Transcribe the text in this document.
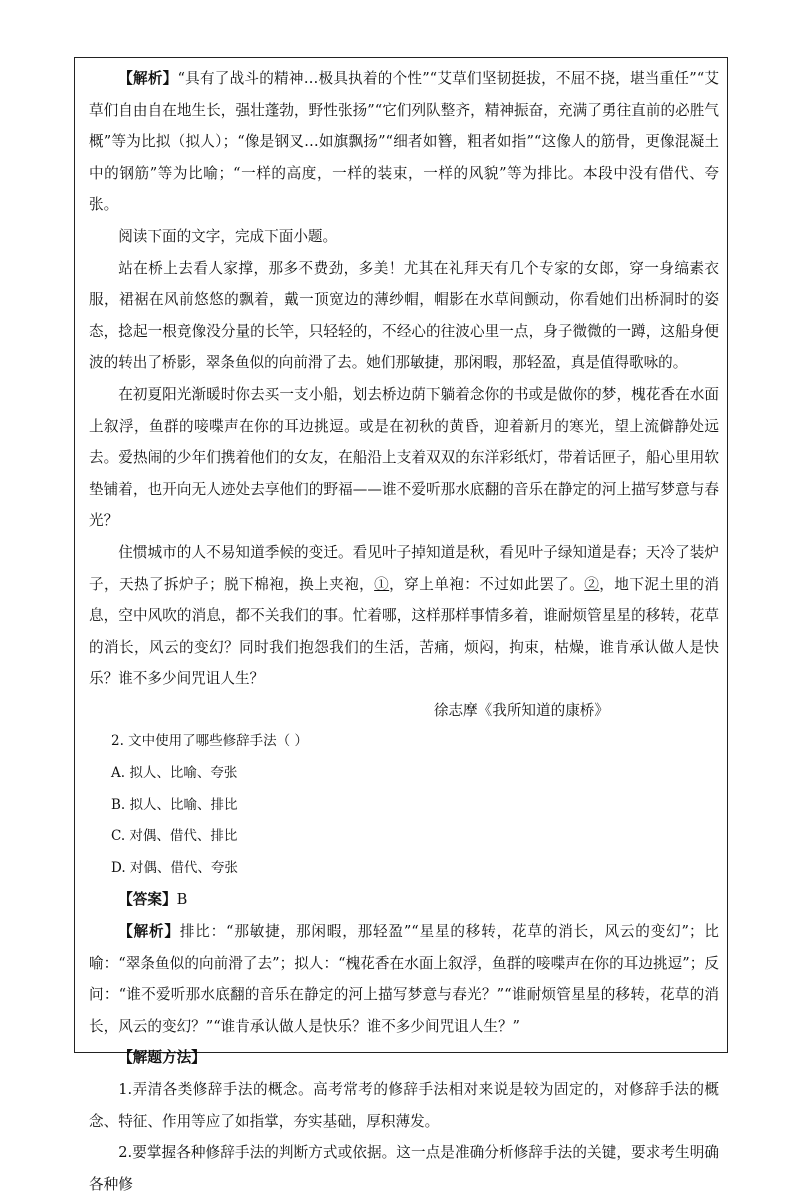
【解析】“具有了战斗的精神…极具执着的个性”“艾草们坚韧挺拔，不屈不挠，堪当重任”“艾草们自由自在地生长，强壮蓬勃，野性张扬”“它们列队整齐，精神振奋，充满了勇往直前的必胜气概”等为比拟（拟人）；“像是钢叉…如旗飘扬”“细者如簪，粗者如指”“这像人的筋骨，更像混凝土中的钢筋”等为比喻；“一样的高度，一样的装束，一样的风貌”等为排比。本段中没有借代、夸张。

阅读下面的文字，完成下面小题。

站在桥上去看人家撑，那多不费劲，多美！尤其在礼拜天有几个专家的女郎，穿一身缟素衣服，裙裾在风前悠悠的飘着，戴一顶宽边的薄纱帽，帽影在水草间颤动，你看她们出桥洞时的姿态，捻起一根竟像没分量的长竿，只轻轻的，不经心的往波心里一点，身子微微的一蹲，这船身便波的转出了桥影，翠条鱼似的向前滑了去。她们那敏捷，那闲暇，那轻盈，真是值得歌咏的。

在初夏阳光渐暖时你去买一支小船，划去桥边荫下躺着念你的书或是做你的梦，槐花香在水面上叙浮，鱼群的唼喋声在你的耳边挑逗。或是在初秋的黄昏，迎着新月的寒光，望上流僻静处远去。爱热闹的少年们携着他们的女友，在船沿上支着双双的东洋彩纸灯，带着话匣子，船心里用软垫铺着，也开向无人迹处去享他们的野福——谁不爱听那水底翻的音乐在静定的河上描写梦意与春光？

住惯城市的人不易知道季候的变迁。看见叶子掉知道是秋，看见叶子绿知道是春；天冷了装炉子，天热了拆炉子；脱下棉袍，换上夹袍，①，穿上单袍：不过如此罢了。②，地下泥土里的消息，空中风吹的消息，都不关我们的事。忙着哪，这样那样事情多着，谁耐烦管星星的移转，花草的消长，风云的变幻？同时我们抱怨我们的生活，苦痛，烦闷，拘束，枯燥，谁肯承认做人是快乐？谁不多少间咒诅人生？

徐志摩《我所知道的康桥》

2. 文中使用了哪些修辞手法（ ）

A. 拟人、比喻、夸张

B. 拟人、比喻、排比

C. 对偶、借代、排比

D. 对偶、借代、夸张

【答案】B

【解析】排比：“那敏捷，那闲暇，那轻盈”“星星的移转，花草的消长，风云的变幻”；比喻：“翠条鱼似的向前滑了去”；拟人：“槐花香在水面上叙浮，鱼群的唼喋声在你的耳边挑逗”；反问：“谁不爱听那水底翻的音乐在静定的河上描写梦意与春光？”“谁耐烦管星星的移转，花草的消长，风云的变幻？”“谁肯承认做人是快乐？谁不多少间咒诅人生？”

【解题方法】

1.弄清各类修辞手法的概念。高考常考的修辞手法相对来说是较为固定的，对修辞手法的概念、特征、作用等应了如指掌，夯实基础，厚积薄发。

2.要掌握各种修辞手法的判断方式或依据。这一点是准确分析修辞手法的关键，要求考生明确各种修
